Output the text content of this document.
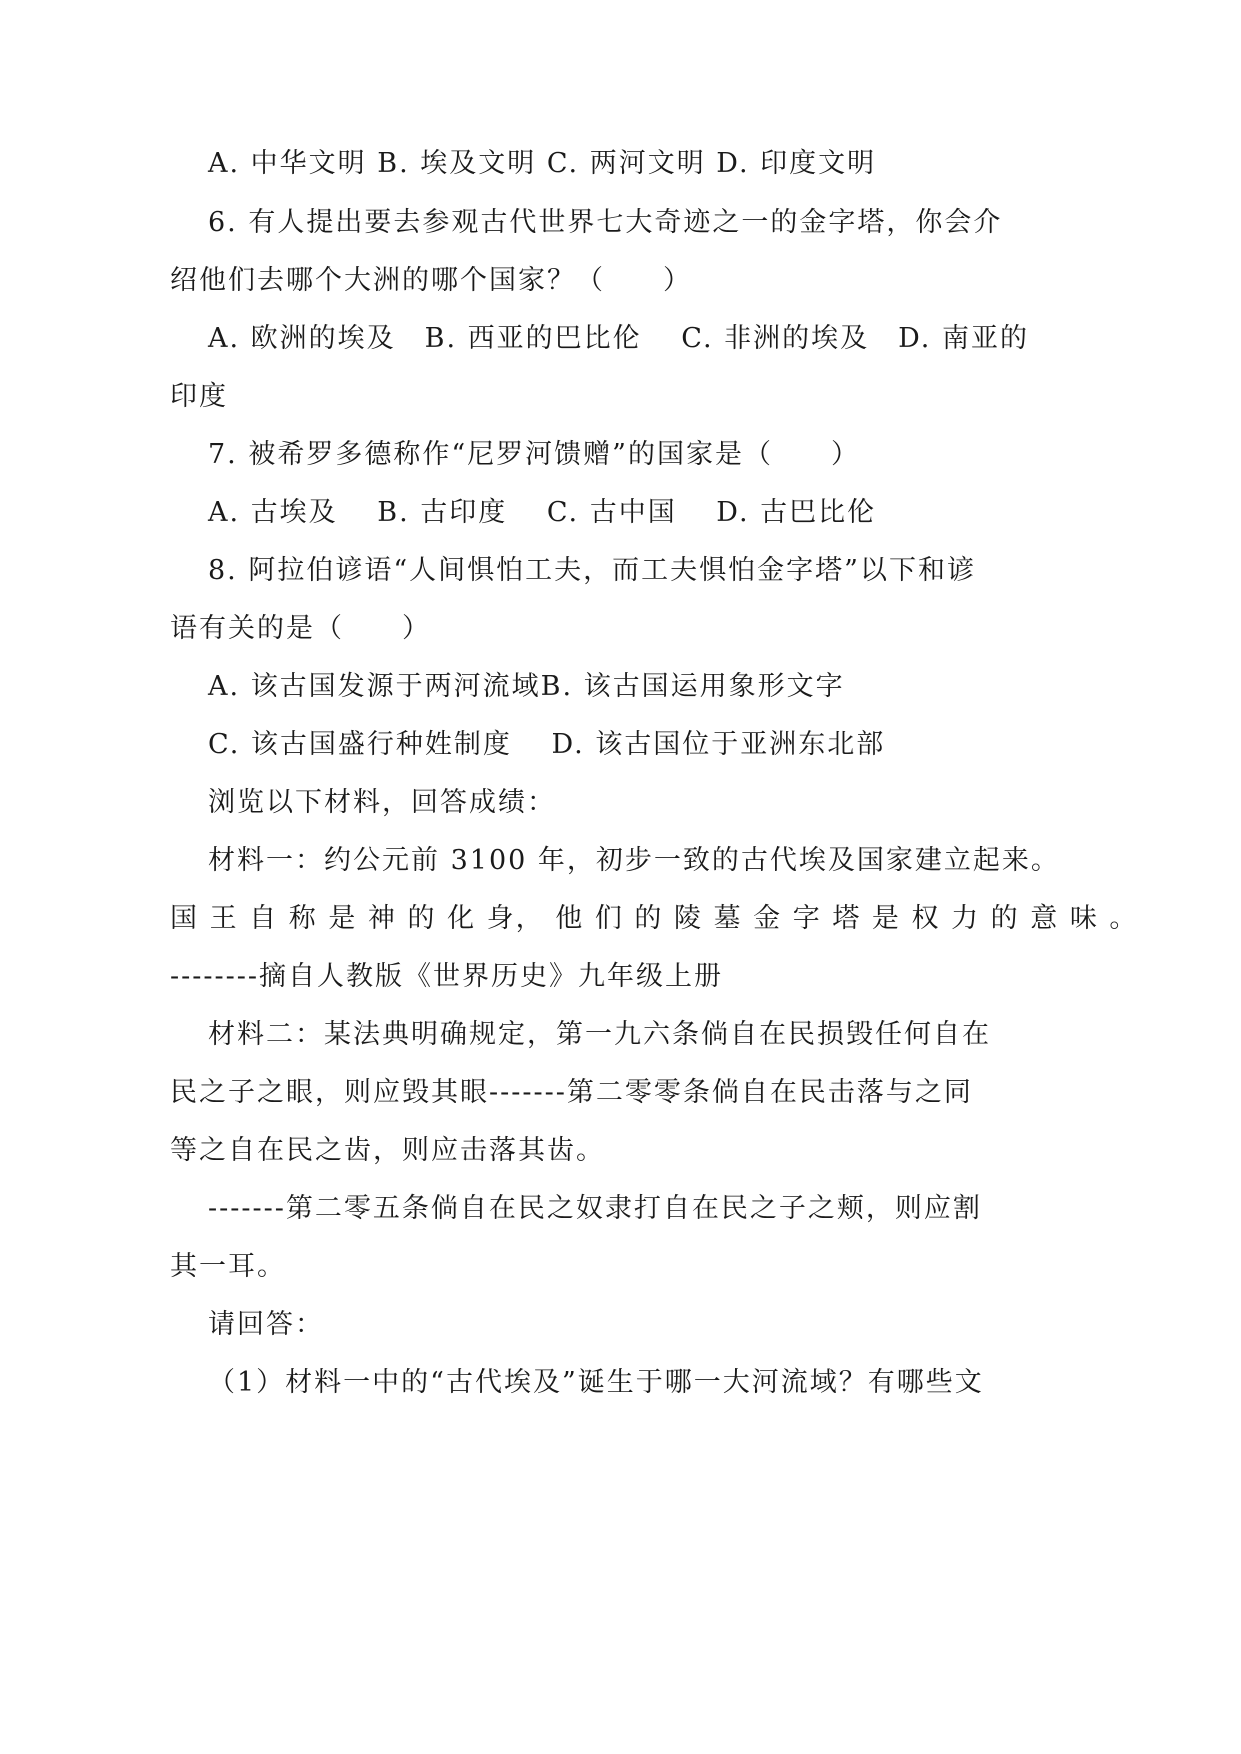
A. 中华文明 B. 埃及文明 C. 两河文明 D. 印度文明

6. 有人提出要去参观古代世界七大奇迹之一的金字塔，你会介

绍他们去哪个大洲的哪个国家？（　　）

A. 欧洲的埃及　B. 西亚的巴比伦　 C. 非洲的埃及　D. 南亚的

印度

7. 被希罗多德称作“尼罗河馈赠”的国家是（　　）

A. 古埃及　 B. 古印度　 C. 古中国　 D. 古巴比伦

8. 阿拉伯谚语“人间惧怕工夫，而工夫惧怕金字塔”以下和谚

语有关的是（　　）

A. 该古国发源于两河流域B. 该古国运用象形文字

C. 该古国盛行种姓制度　 D. 该古国位于亚洲东北部

浏览以下材料，回答成绩：

材料一：约公元前 3100 年，初步一致的古代埃及国家建立起来。

国 王 自 称 是 神 的 化 身， 他 们 的 陵 墓 金 字 塔 是 权 力 的 意 味 。

--------摘自人教版《世界历史》九年级上册

材料二：某法典明确规定，第一九六条倘自在民损毁任何自在

民之子之眼，则应毁其眼-------第二零零条倘自在民击落与之同

等之自在民之齿，则应击落其齿。

-------第二零五条倘自在民之奴隶打自在民之子之颊，则应割

其一耳。

请回答：

（1）材料一中的“古代埃及”诞生于哪一大河流域？有哪些文
